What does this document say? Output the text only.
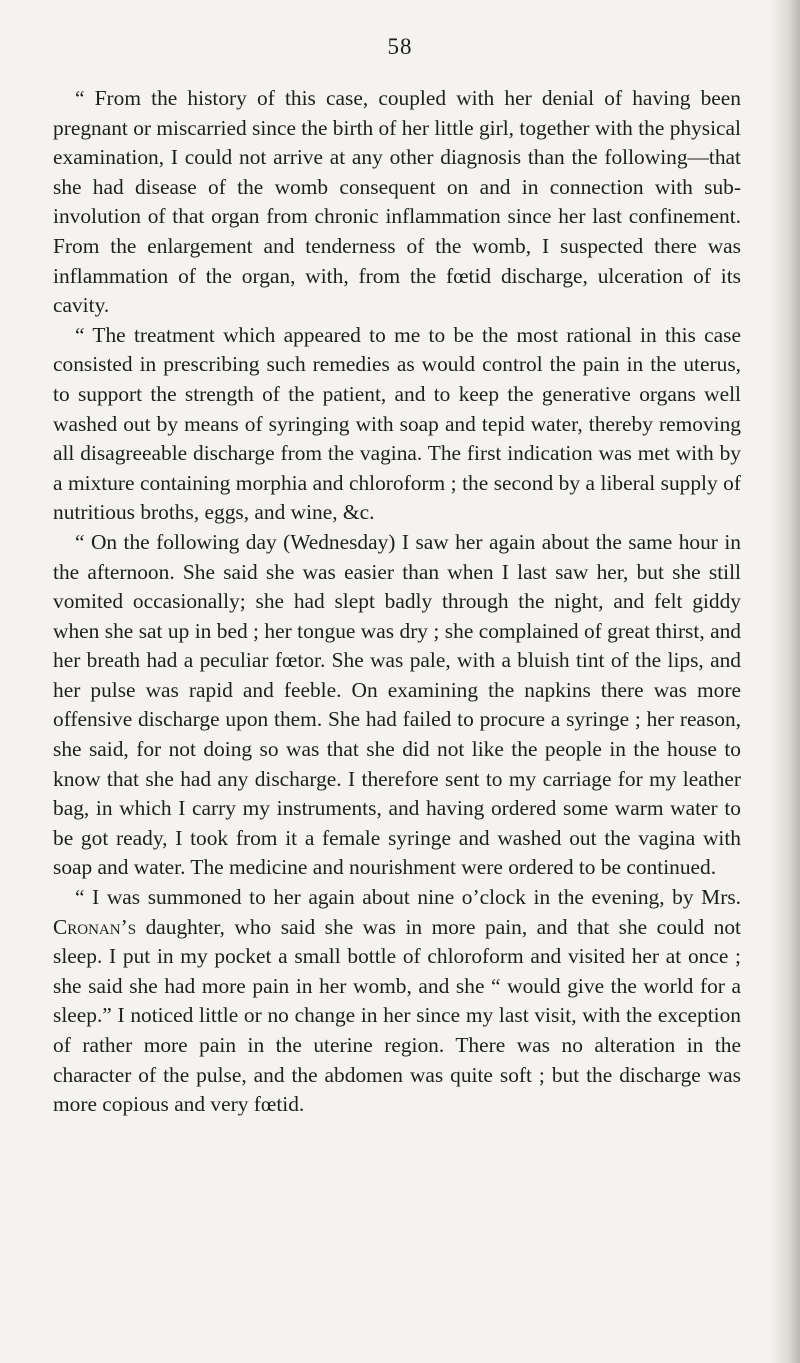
58

“ From the history of this case, coupled with her denial of having been pregnant or miscarried since the birth of her little girl, together with the physical examination, I could not arrive at any other diagnosis than the following—that she had disease of the womb consequent on and in connection with sub-involution of that organ from chronic inflammation since her last confinement. From the enlargement and tenderness of the womb, I suspected there was inflammation of the organ, with, from the fœtid discharge, ulceration of its cavity.

“ The treatment which appeared to me to be the most rational in this case consisted in prescribing such remedies as would control the pain in the uterus, to support the strength of the patient, and to keep the generative organs well washed out by means of syringing with soap and tepid water, thereby removing all disagreeable discharge from the vagina. The first indication was met with by a mixture containing morphia and chloroform ; the second by a liberal supply of nutritious broths, eggs, and wine, &c.

“ On the following day (Wednesday) I saw her again about the same hour in the afternoon. She said she was easier than when I last saw her, but she still vomited occasionally; she had slept badly through the night, and felt giddy when she sat up in bed ; her tongue was dry ; she complained of great thirst, and her breath had a peculiar fœtor. She was pale, with a bluish tint of the lips, and her pulse was rapid and feeble. On examining the napkins there was more offensive discharge upon them. She had failed to procure a syringe ; her reason, she said, for not doing so was that she did not like the people in the house to know that she had any discharge. I therefore sent to my carriage for my leather bag, in which I carry my instruments, and having ordered some warm water to be got ready, I took from it a female syringe and washed out the vagina with soap and water. The medicine and nourishment were ordered to be continued.

“ I was summoned to her again about nine o’clock in the evening, by Mrs. Cronan’s daughter, who said she was in more pain, and that she could not sleep. I put in my pocket a small bottle of chloroform and visited her at once ; she said she had more pain in her womb, and she “ would give the world for a sleep.” I noticed little or no change in her since my last visit, with the exception of rather more pain in the uterine region. There was no alteration in the character of the pulse, and the abdomen was quite soft ; but the discharge was more copious and very fœtid.
